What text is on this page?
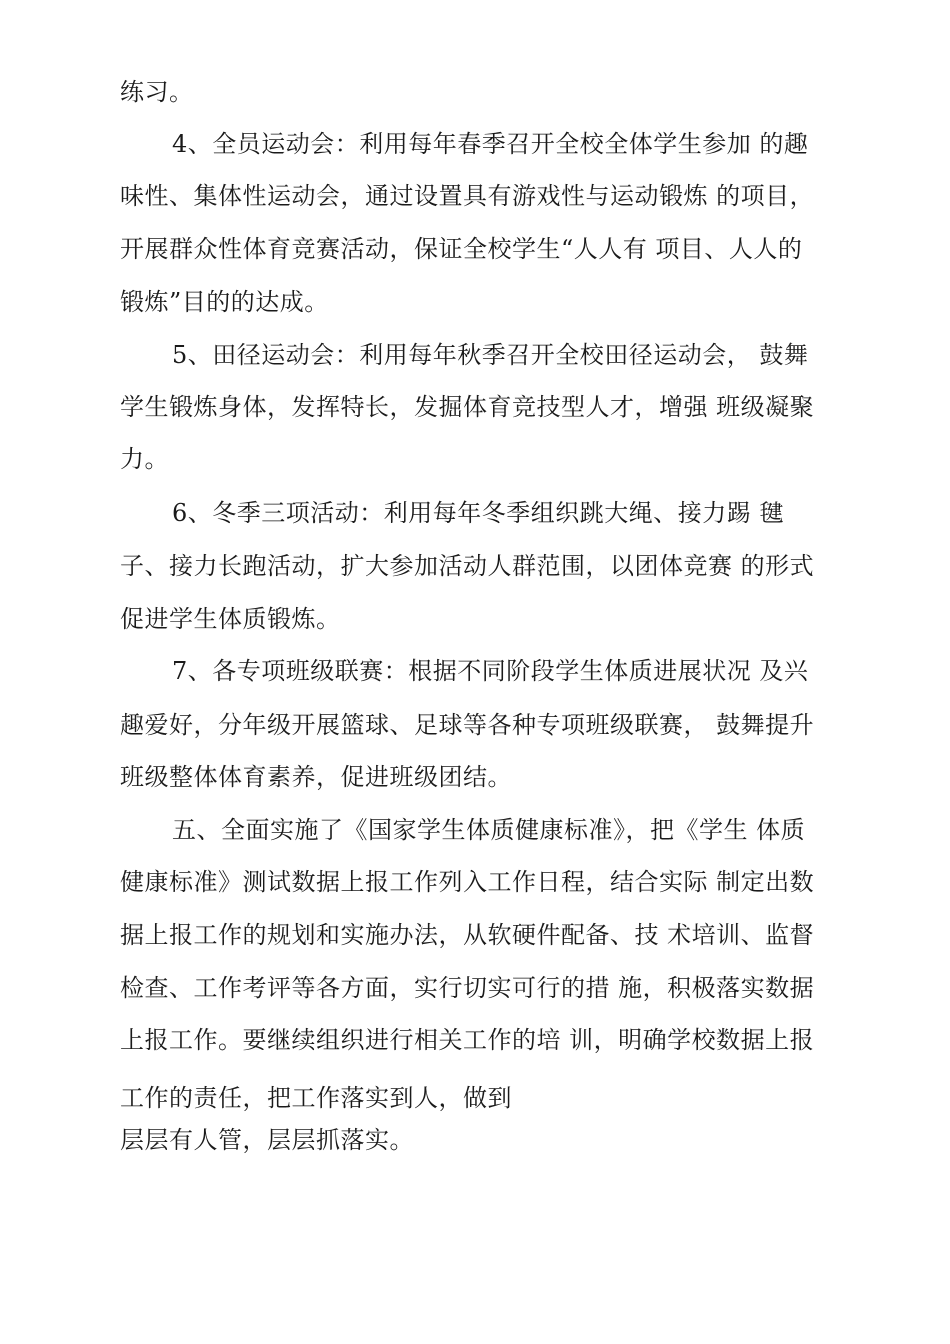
练习。
4、全员运动会：利用每年春季召开全校全体学生参加 的趣
味性、集体性运动会，通过设置具有游戏性与运动锻炼 的项目，
开展群众性体育竞赛活动，保证全校学生“人人有 项目、人人的
锻炼”目的的达成。
5、田径运动会：利用每年秋季召开全校田径运动会， 鼓舞
学生锻炼身体，发挥特长，发掘体育竞技型人才，增强 班级凝聚
力。
6、冬季三项活动：利用每年冬季组织跳大绳、接力踢 毽
子、接力长跑活动，扩大参加活动人群范围，以团体竞赛 的形式
促进学生体质锻炼。
7、各专项班级联赛：根据不同阶段学生体质进展状况 及兴
趣爱好，分年级开展篮球、足球等各种专项班级联赛， 鼓舞提升
班级整体体育素养，促进班级团结。
五、全面实施了《国家学生体质健康标准》，把《学生 体质
健康标准》测试数据上报工作列入工作日程，结合实际 制定出数
据上报工作的规划和实施办法，从软硬件配备、技 术培训、监督
检查、工作考评等各方面，实行切实可行的措 施，积极落实数据
上报工作。要继续组织进行相关工作的培 训，明确学校数据上报
工作的责任，把工作落实到人，做到
层层有人管，层层抓落实。
